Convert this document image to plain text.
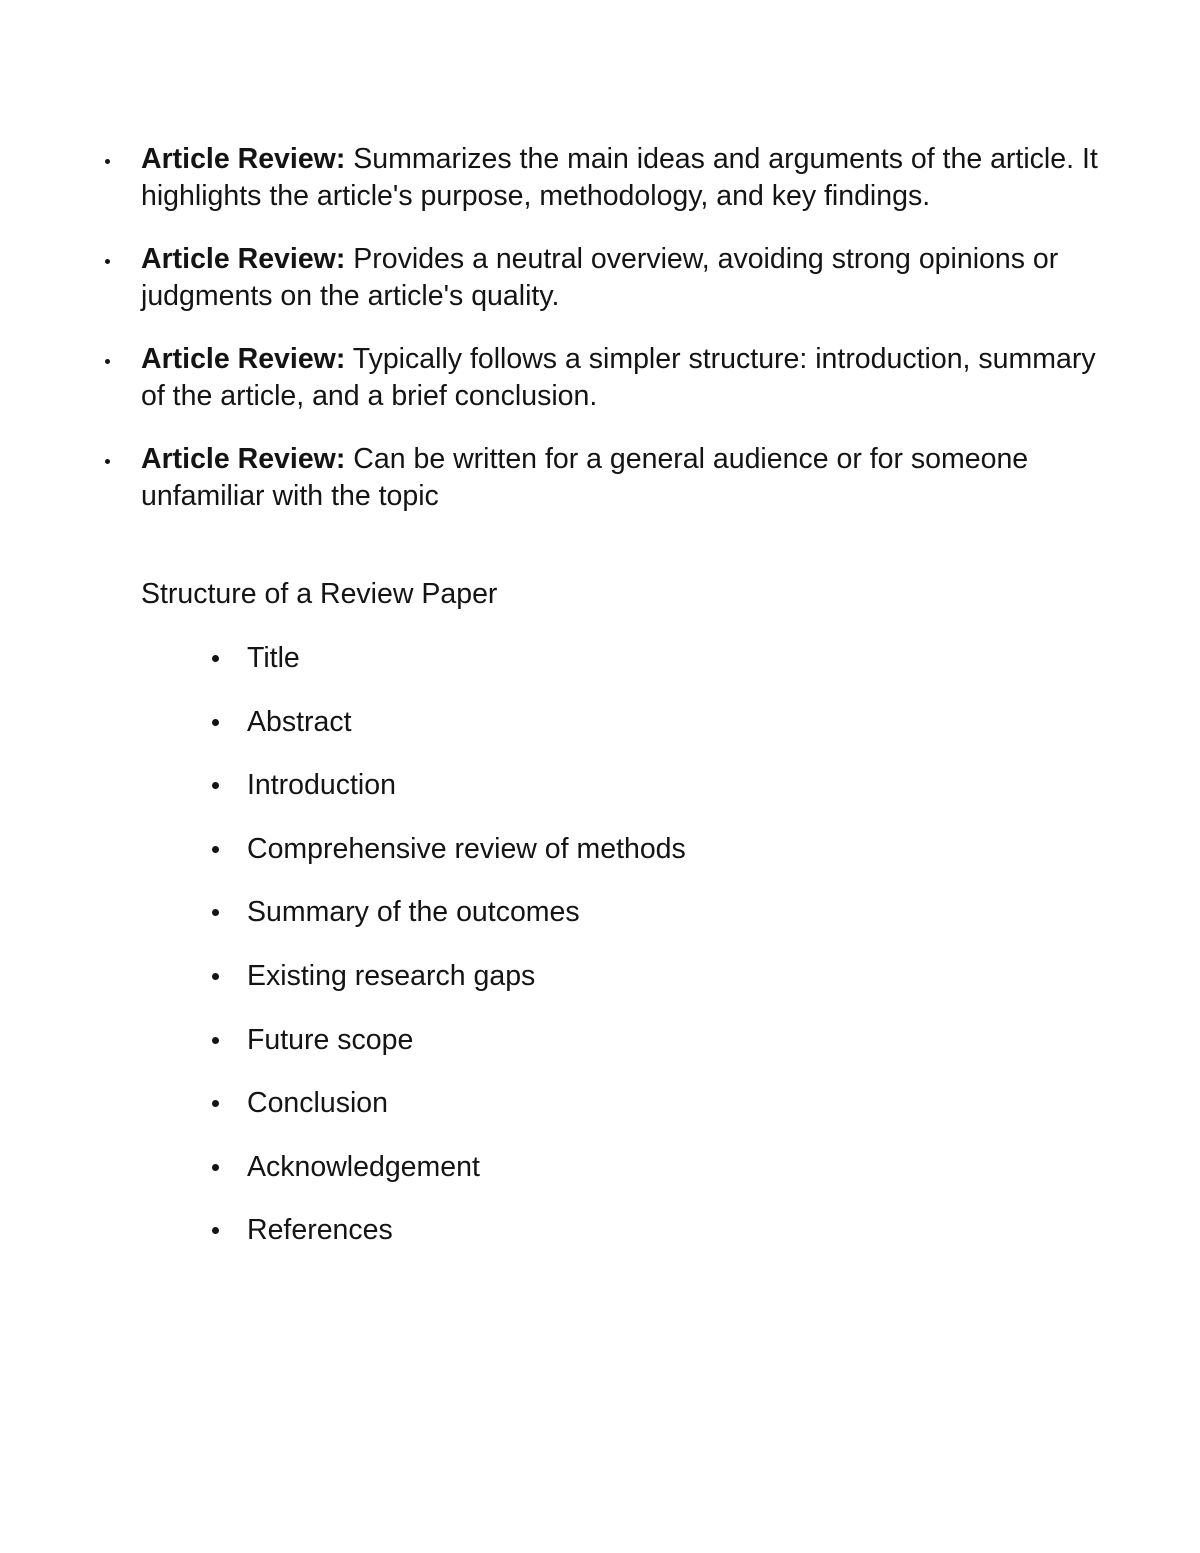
Article Review: Summarizes the main ideas and arguments of the article. It highlights the article's purpose, methodology, and key findings.
Article Review: Provides a neutral overview, avoiding strong opinions or judgments on the article's quality.
Article Review: Typically follows a simpler structure: introduction, summary of the article, and a brief conclusion.
Article Review: Can be written for a general audience or for someone unfamiliar with the topic

Structure of a Review Paper

Title
Abstract
Introduction
Comprehensive review of methods
Summary of the outcomes
Existing research gaps
Future scope
Conclusion
Acknowledgement
References
